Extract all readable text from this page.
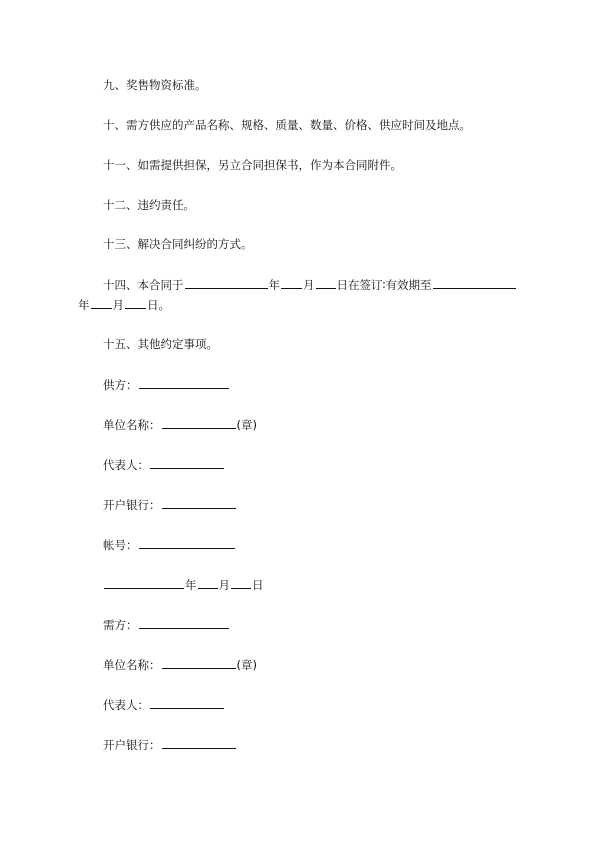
九、奖售物资标准。
十、需方供应的产品名称、规格、质量、数量、价格、供应时间及地点。
十一、如需提供担保，另立合同担保书，作为本合同附件。
十二、违约责任。
十三、解决合同纠纷的方式。
十四、本合同于	年 月 日在签订∶有效期至
年 月 日。
十五、其他约定事项。
供方：
单位名称：	(章)
代表人：
开户银行：
帐号：
年 月 日
需方：
单位名称：	(章)
代表人：
开户银行：
